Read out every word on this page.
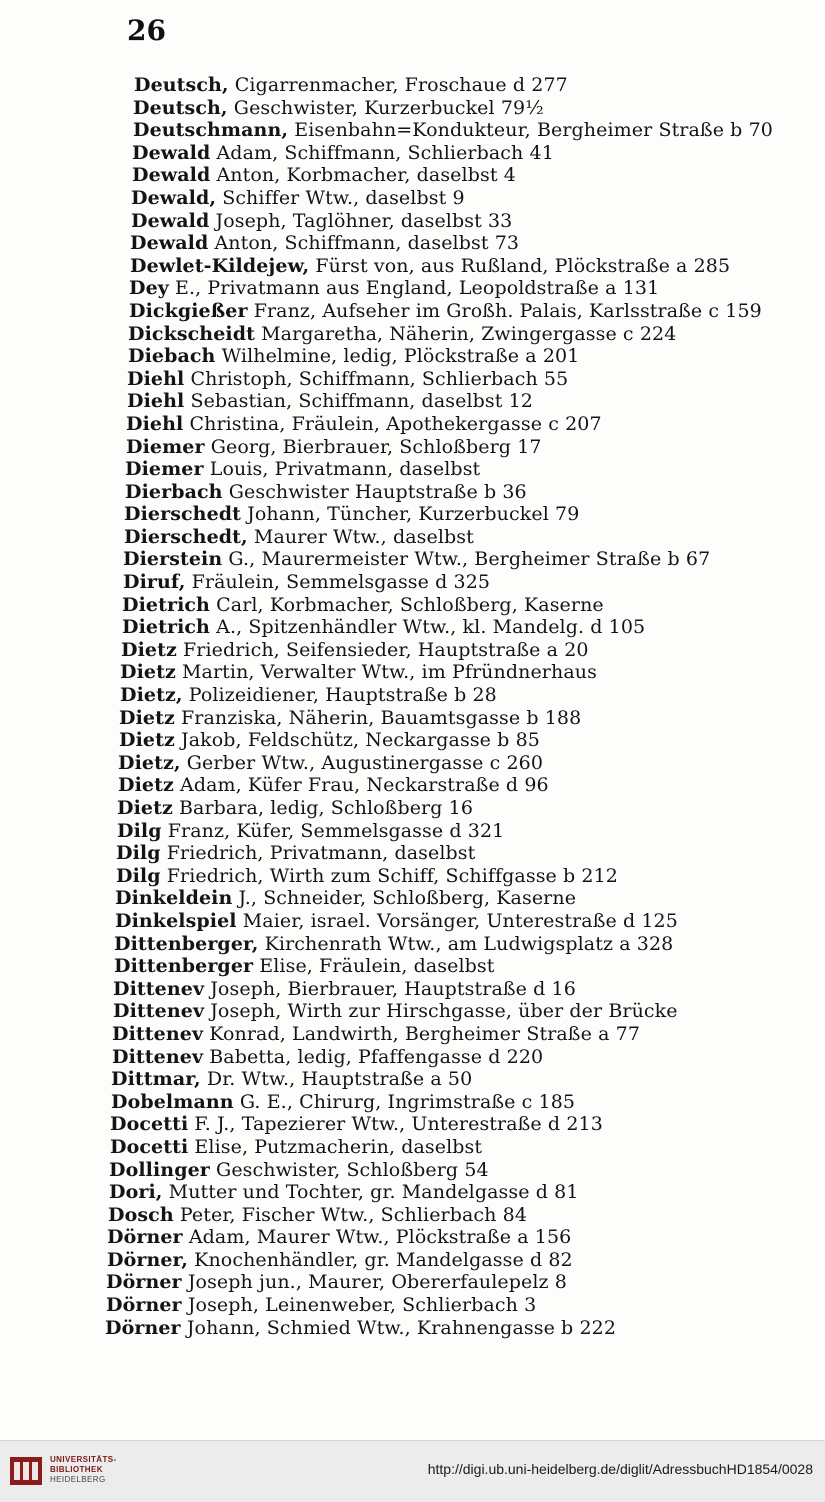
26
Deutsch, Cigarrenmacher, Froschaue d 277
Deutsch, Geschwister, Kurzerbuckel 79½
Deutschmann, Eisenbahn=Kondukteur, Bergheimer Straße b 70
Dewald Adam, Schiffmann, Schlierbach 41
Dewald Anton, Korbmacher, daselbst 4
Dewald, Schiffer Wtw., daselbst 9
Dewald Joseph, Taglöhner, daselbst 33
Dewald Anton, Schiffmann, daselbst 73
Dewlet-Kildejew, Fürst von, aus Rußland, Plöckstraße a 285
Dey E., Privatmann aus England, Leopoldstraße a 131
Dickgießer Franz, Aufseher im Großh. Palais, Karlsstraße c 159
Dickscheidt Margaretha, Näherin, Zwingergasse c 224
Diebach Wilhelmine, ledig, Plöckstraße a 201
Diehl Christoph, Schiffmann, Schlierbach 55
Diehl Sebastian, Schiffmann, daselbst 12
Diehl Christina, Fräulein, Apothekergasse c 207
Diemer Georg, Bierbrauer, Schloßberg 17
Diemer Louis, Privatmann, daselbst
Dierbach Geschwister Hauptstraße b 36
Dierschedt Johann, Tüncher, Kurzerbuckel 79
Dierschedt, Maurer Wtw., daselbst
Dierstein G., Maurermeister Wtw., Bergheimer Straße b 67
Diruf, Fräulein, Semmelsgasse d 325
Dietrich Carl, Korbmacher, Schloßberg, Kaserne
Dietrich A., Spitzenhändler Wtw., kl. Mandelg. d 105
Dietz Friedrich, Seifensieder, Hauptstraße a 20
Dietz Martin, Verwalter Wtw., im Pfründnerhaus
Dietz, Polizeidiener, Hauptstraße b 28
Dietz Franziska, Näherin, Bauamtsgasse b 188
Dietz Jakob, Feldschütz, Neckargasse b 85
Dietz, Gerber Wtw., Augustinergasse c 260
Dietz Adam, Küfer Frau, Neckarstraße d 96
Dietz Barbara, ledig, Schloßberg 16
Dilg Franz, Küfer, Semmelsgasse d 321
Dilg Friedrich, Privatmann, daselbst
Dilg Friedrich, Wirth zum Schiff, Schiffgasse b 212
Dinkeldein J., Schneider, Schloßberg, Kaserne
Dinkelspiel Maier, israel. Vorsänger, Unterestraße d 125
Dittenberger, Kirchenrath Wtw., am Ludwigsplatz a 328
Dittenberger Elise, Fräulein, daselbst
Dittenev Joseph, Bierbrauer, Hauptstraße d 16
Dittenev Joseph, Wirth zur Hirschgasse, über der Brücke
Dittenev Konrad, Landwirth, Bergheimer Straße a 77
Dittenev Babetta, ledig, Pfaffengasse d 220
Dittmar, Dr. Wtw., Hauptstraße a 50
Dobelmann G. E., Chirurg, Ingrimstraße c 185
Docetti F. J., Tapezierer Wtw., Unterestraße d 213
Docetti Elise, Putzmacherin, daselbst
Dollinger Geschwister, Schloßberg 54
Dori, Mutter und Tochter, gr. Mandelgasse d 81
Dosch Peter, Fischer Wtw., Schlierbach 84
Dörner Adam, Maurer Wtw., Plöckstraße a 156
Dörner, Knochenhändler, gr. Mandelgasse d 82
Dörner Joseph jun., Maurer, Obererfaulepelz 8
Dörner Joseph, Leinenweber, Schlierbach 3
Dörner Johann, Schmied Wtw., Krahnengasse b 222
UNIVERSITÄTS-
BIBLIOTHEK
HEIDELBERG
http://digi.ub.uni-heidelberg.de/diglit/AdressbuchHD1854/0028
